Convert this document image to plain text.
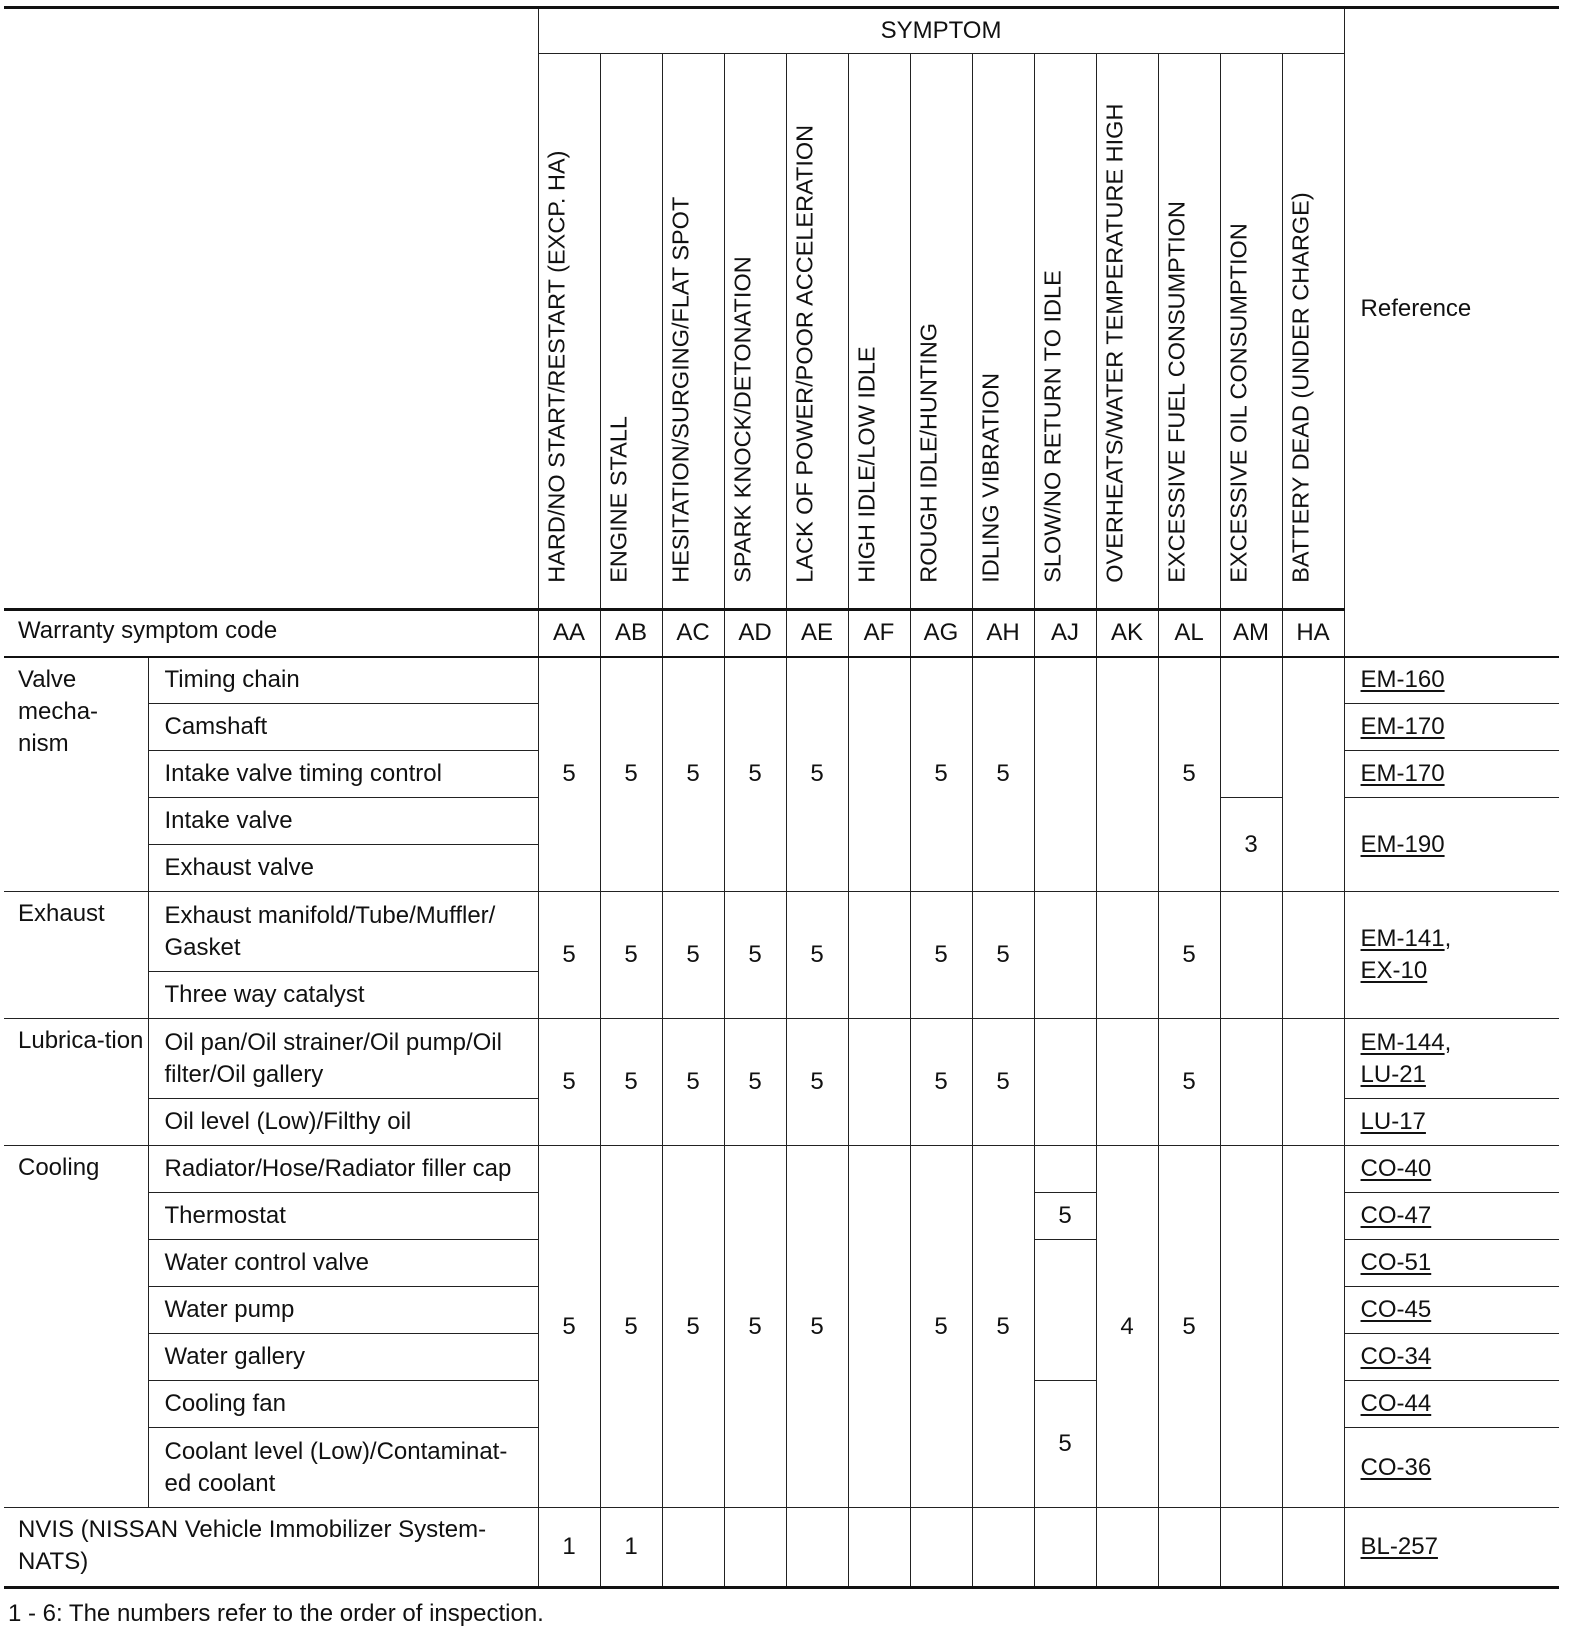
		SYMPTOM													Reference

		HARD/NO START/RESTART (EXCP. HA)	ENGINE STALL	HESITATION/SURGING/FLAT SPOT	SPARK KNOCK/DETONATION	LACK OF POWER/POOR ACCELERATION	HIGH IDLE/LOW IDLE	ROUGH IDLE/HUNTING	IDLING VIBRATION	SLOW/NO RETURN TO IDLE	OVERHEATS/WATER TEMPERATURE HIGH	EXCESSIVE FUEL CONSUMPTION	EXCESSIVE OIL CONSUMPTION	BATTERY DEAD (UNDER CHARGE)	

Warranty symptom code		AA	AB	AC	AD	AE	AF	AG	AH	AJ	AK	AL	AM	HA	
Valve mecha-nism	Timing chain	5	5	5	5	5		5	5			5			EM-160
	Camshaft														EM-170
	Intake valve timing control														EM-170
	Intake valve												3		EM-190
	Exhaust valve														
Exhaust	Exhaust manifold/Tube/Muffler/ Gasket	5	5	5	5	5		5	5			5			EM-141,
EX-10
	Three way catalyst														
Lubrica-tion	Oil pan/Oil strainer/Oil pump/Oil filter/Oil gallery	5	5	5	5	5		5	5			5			EM-144,
LU-21
	Oil level (Low)/Filthy oil														LU-17
Cooling	Radiator/Hose/Radiator filler cap	5	5	5	5	5		5	5		4	5			CO-40
	Thermostat									5					CO-47
	Water control valve														CO-51
	Water pump														CO-45
	Water gallery														CO-34
	Cooling fan									5					CO-44
	Coolant level (Low)/Contaminat-ed coolant														CO-36
NVIS (NISSAN Vehicle Immobilizer System-NATS)		1	1												BL-257
1 - 6: The numbers refer to the order of inspection.
